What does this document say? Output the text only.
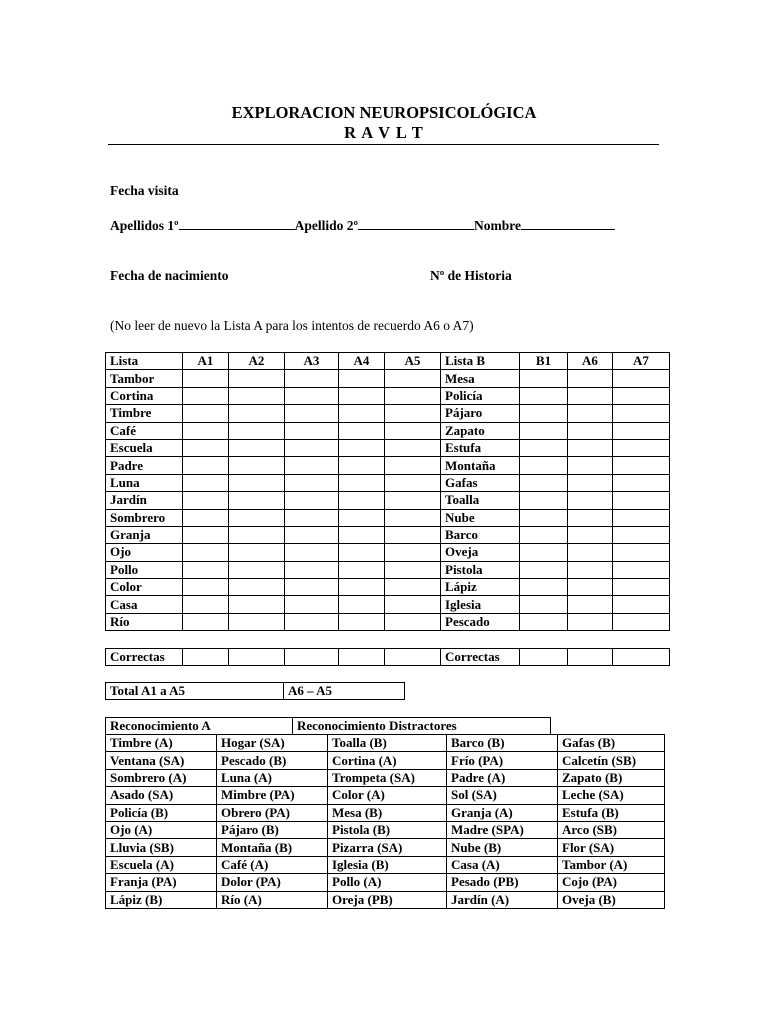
EXPLORACION NEUROPSICOLÓGICA
R A V L T
Fecha visita
Apellidos 1º	Apellido 2º	Nombre
Fecha de nacimiento	Nº de Historia
(No leer de nuevo la Lista A para los intentos de recuerdo A6 o A7)
Lista	A1	A2	A3	A4	A5	Lista B	B1	A6	A7
Tambor						Mesa			
Cortina						Policía			
Timbre						Pájaro			
Café						Zapato			
Escuela						Estufa			
Padre						Montaña			
Luna						Gafas			
Jardín						Toalla			
Sombrero						Nube			
Granja						Barco			
Ojo						Oveja			
Pollo						Pistola			
Color						Lápiz			
Casa						Iglesia			
Río						Pescado			
Correctas						Correctas			
Total A1 a A5	A6 – A5
Reconocimiento A	Reconocimiento Distractores
Timbre (A)	Hogar (SA)	Toalla (B)	Barco (B)	Gafas (B)
Ventana (SA)	Pescado (B)	Cortina (A)	Frío (PA)	Calcetín (SB)
Sombrero (A)	Luna (A)	Trompeta (SA)	Padre (A)	Zapato (B)
Asado (SA)	Mimbre (PA)	Color (A)	Sol (SA)	Leche (SA)
Policía (B)	Obrero (PA)	Mesa (B)	Granja (A)	Estufa (B)
Ojo (A)	Pájaro (B)	Pistola (B)	Madre (SPA)	Arco (SB)
Lluvia (SB)	Montaña (B)	Pizarra (SA)	Nube (B)	Flor (SA)
Escuela (A)	Café (A)	Iglesia (B)	Casa (A)	Tambor (A)
Franja (PA)	Dolor (PA)	Pollo (A)	Pesado (PB)	Cojo (PA)
Lápiz (B)	Río (A)	Oreja (PB)	Jardín (A)	Oveja (B)
